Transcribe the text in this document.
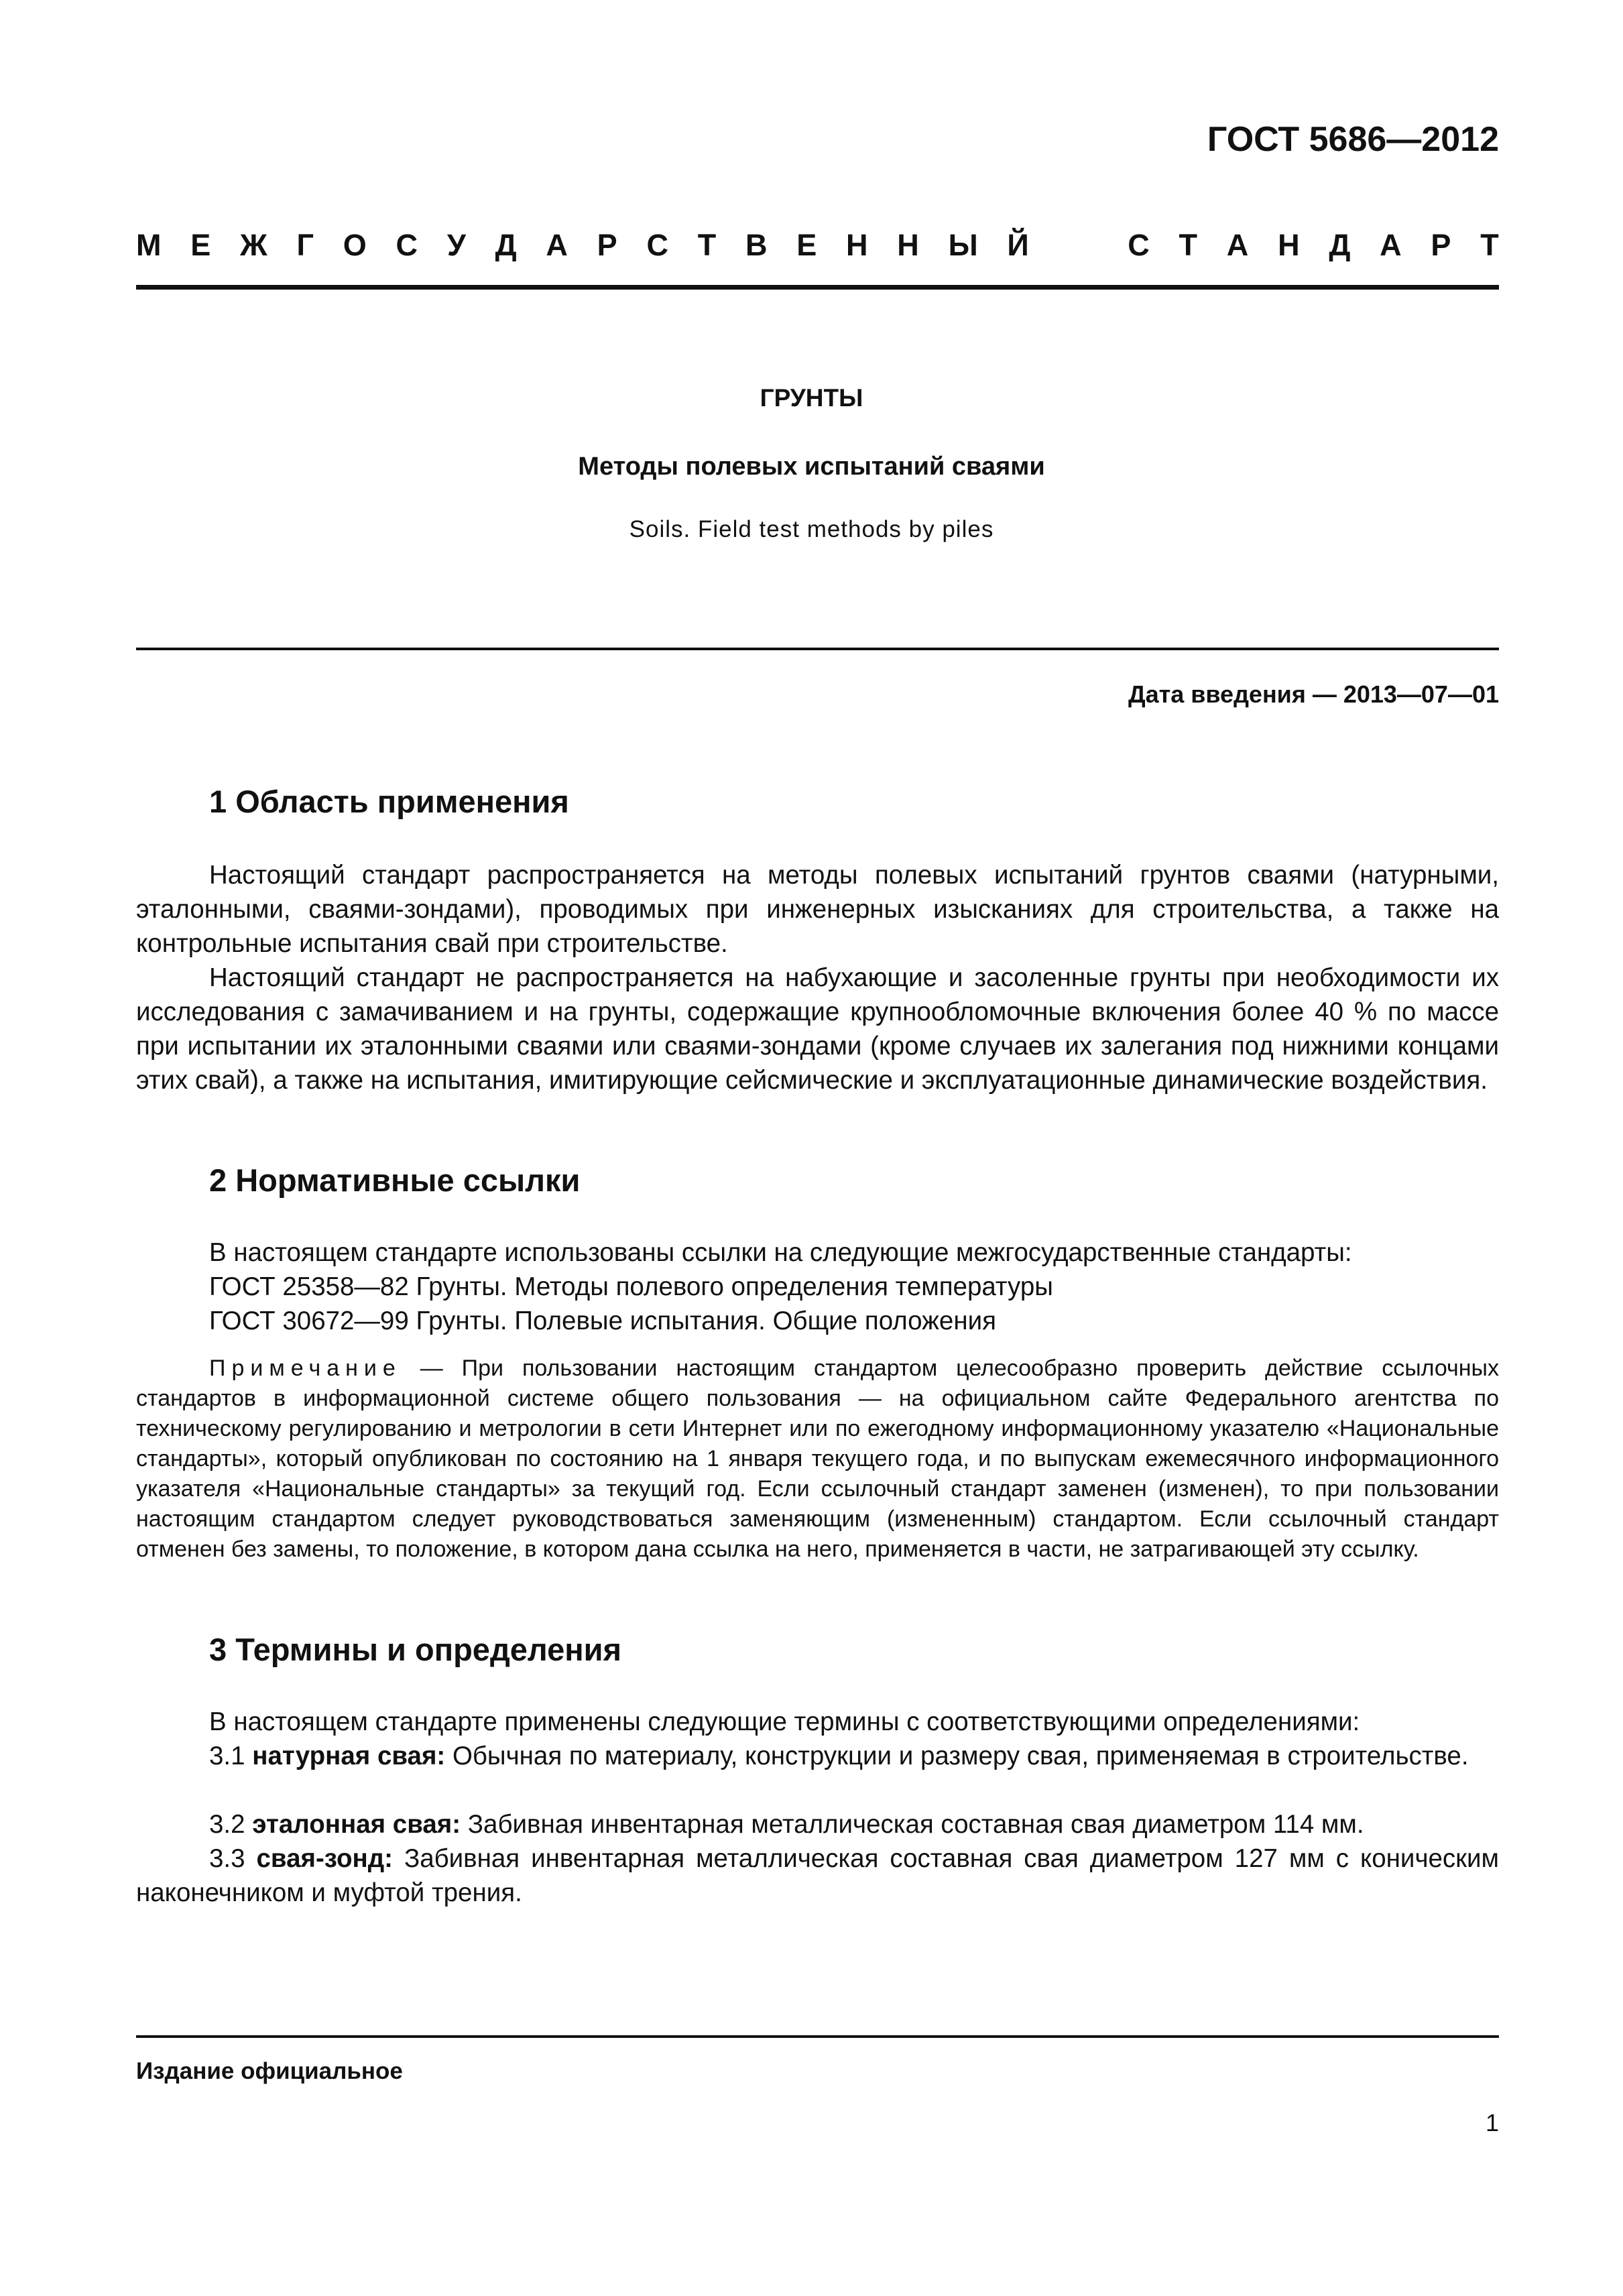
ГОСТ 5686—2012
М Е Ж Г О С У Д А Р С Т В Е Н Н Ы Й	С Т А Н Д А Р Т
ГРУНТЫ
Методы полевых испытаний сваями
Soils. Field test methods by piles
Дата введения — 2013—07—01
1 Область применения
Настоящий стандарт распространяется на методы полевых испытаний грунтов сваями (натурными, эталонными, сваями-зондами), проводимых при инженерных изысканиях для строительства, а также на контрольные испытания свай при строительстве.
Настоящий стандарт не распространяется на набухающие и засоленные грунты при необходимости их исследования с замачиванием и на грунты, содержащие крупнообломочные включения более 40 % по массе при испытании их эталонными сваями или сваями-зондами (кроме случаев их залегания под нижними концами этих свай), а также на испытания, имитирующие сейсмические и эксплуатационные динамические воздействия.
2 Нормативные ссылки
В настоящем стандарте использованы ссылки на следующие межгосударственные стандарты:
ГОСТ 25358—82 Грунты. Методы полевого определения температуры
ГОСТ 30672—99 Грунты. Полевые испытания. Общие положения
Примечание — При пользовании настоящим стандартом целесообразно проверить действие ссылочных стандартов в информационной системе общего пользования — на официальном сайте Федерального агентства по техническому регулированию и метрологии в сети Интернет или по ежегодному информационному указателю «Национальные стандарты», который опубликован по состоянию на 1 января текущего года, и по выпускам ежемесячного информационного указателя «Национальные стандарты» за текущий год. Если ссылочный стандарт заменен (изменен), то при пользовании настоящим стандартом следует руководствоваться заменяющим (измененным) стандартом. Если ссылочный стандарт отменен без замены, то положение, в котором дана ссылка на него, применяется в части, не затрагивающей эту ссылку.
3 Термины и определения
В настоящем стандарте применены следующие термины с соответствующими определениями:
3.1 натурная свая: Обычная по материалу, конструкции и размеру свая, применяемая в строительстве.
3.2 эталонная свая: Забивная инвентарная металлическая составная свая диаметром 114 мм.
3.3 свая-зонд: Забивная инвентарная металлическая составная свая диаметром 127 мм с коническим наконечником и муфтой трения.
Издание официальное
1
